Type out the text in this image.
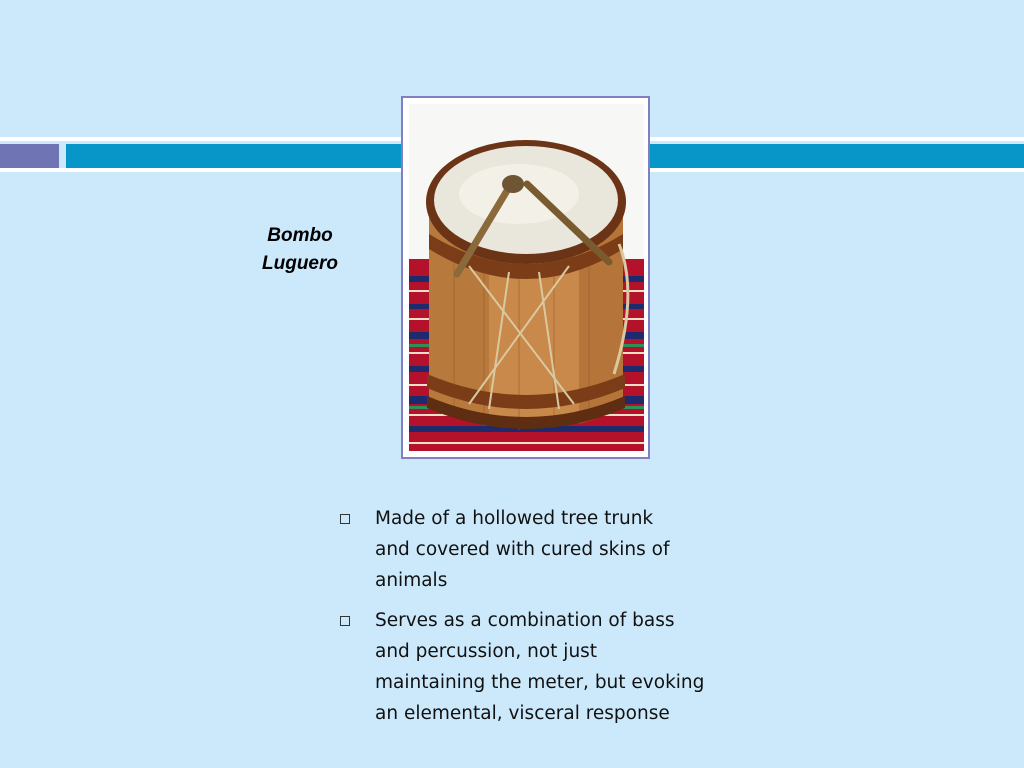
Bombo
Luguero
Made of a hollowed tree trunk
and covered with cured skins of
animals
Serves as a combination of bass
and percussion, not just
maintaining the meter, but evoking
an elemental, visceral response
